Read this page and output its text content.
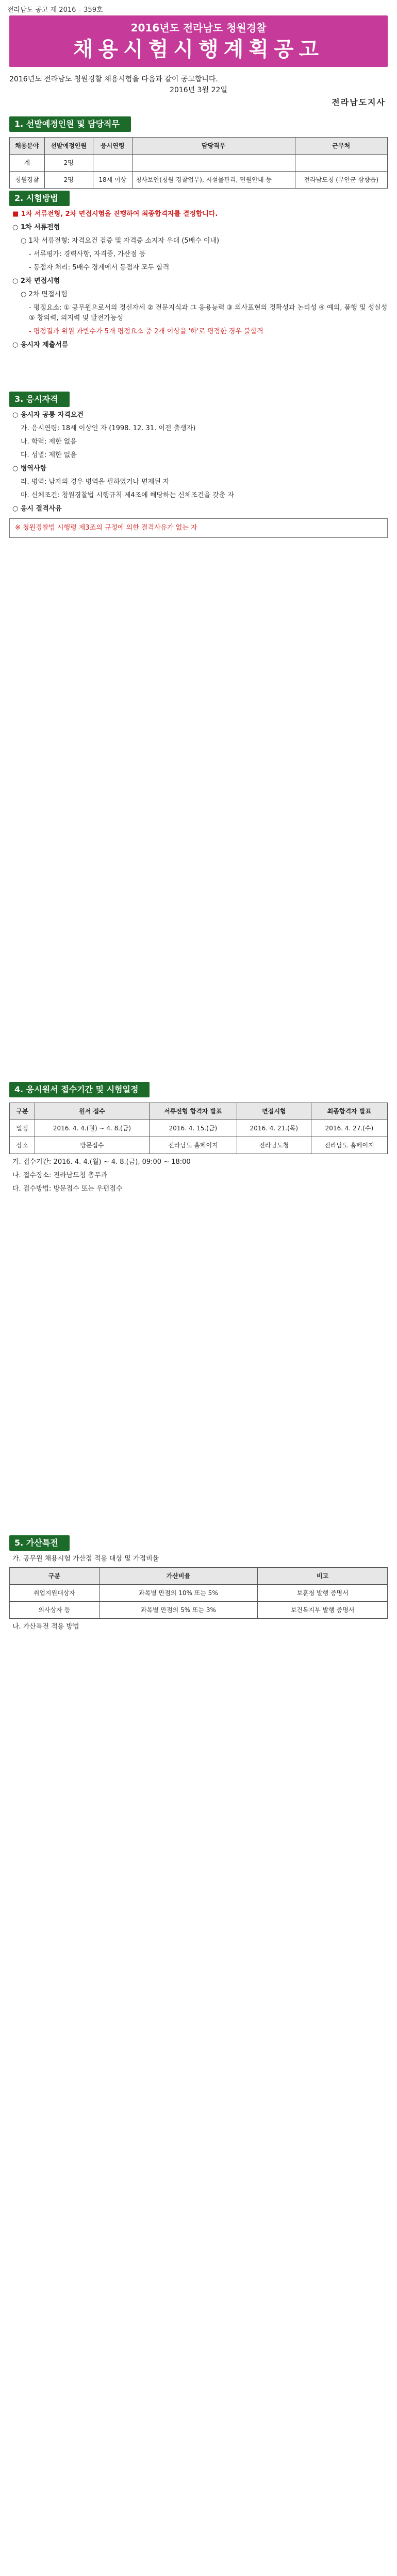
전라남도 공고 제 2016 – 359호
2016년도 전라남도 청원경찰
채용시험시행계획공고
2016년도 전라남도 청원경찰 채용시험을 다음과 같이 공고합니다.
2016년 3월 22일
전라남도지사
1. 선발예정인원 및 담당직무
채용분야	선발예정인원	응시연령	담당직무	근무처
계	2명			
청원경찰	2명	18세 이상	청사보안(청원 경찰업무), 시설물관리, 민원안내 등	전라남도청 (무안군 삼향읍)
2. 시험방법
■ 1차 서류전형, 2차 면접시험을 진행하여 최종합격자를 결정합니다.
○ 1차 서류전형
○ 1차 서류전형: 자격요건 검증 및 자격증 소지자 우대 (5배수 이내)
- 서류평가: 경력사항, 자격증, 가산점 등
- 동점자 처리: 5배수 경계에서 동점자 모두 합격
○ 2차 면접시험
○ 2차 면접시험
- 평정요소: ① 공무원으로서의 정신자세 ② 전문지식과 그 응용능력 ③ 의사표현의 정확성과 논리성 ④ 예의, 품행 및 성실성 ⑤ 창의력, 의지력 및 발전가능성
- 평정결과 위원 과반수가 5개 평정요소 중 2개 이상을 '하'로 평정한 경우 불합격
○ 응시자 제출서류
3. 응시자격
○ 응시자 공통 자격요건
가. 응시연령: 18세 이상인 자 (1998. 12. 31. 이전 출생자)
나. 학력: 제한 없음
다. 성별: 제한 없음
○ 병역사항
라. 병역: 남자의 경우 병역을 필하였거나 면제된 자
마. 신체조건: 청원경찰법 시행규칙 제4조에 해당하는 신체조건을 갖춘 자
○ 응시 결격사유
※ 청원경찰법 시행령 제3조의 규정에 의한 결격사유가 없는 자
4. 응시원서 접수기간 및 시험일정
구분	원서 접수	서류전형 합격자 발표	면접시험	최종합격자 발표
일정	2016. 4. 4.(월) ~ 4. 8.(금)	2016. 4. 15.(금)	2016. 4. 21.(목)	2016. 4. 27.(수)
장소	방문접수	전라남도 홈페이지	전라남도청	전라남도 홈페이지
가. 접수기간: 2016. 4. 4.(월) ~ 4. 8.(금), 09:00 ~ 18:00
나. 접수장소: 전라남도청 총무과
다. 접수방법: 방문접수 또는 우편접수
5. 가산특전
가. 공무원 채용시험 가산점 적용 대상 및 가점비율
구분	가산비율	비고
취업지원대상자	과목별 만점의 10% 또는 5%	보훈청 발행 증명서
의사상자 등	과목별 만점의 5% 또는 3%	보건복지부 발행 증명서
나. 가산특전 적용 방법
